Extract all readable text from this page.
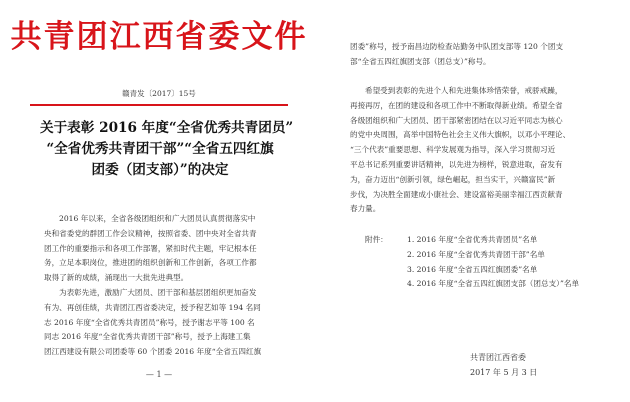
共青团江西省委文件
赣青发〔2017〕15号
关于表彰 2016 年度“全省优秀共青团员”
“全省优秀共青团干部”“全省五四红旗
团委（团支部）”的决定
2016 年以来，全省各级团组织和广大团员认真贯彻落实中
央和省委党的群团工作会议精神，按照省委、团中央对全省共青
团工作的重要指示和各项工作部署，紧扣时代主题，牢记根本任
务，立足本职岗位，推进团的组织创新和工作创新，各项工作都
取得了新的成绩，涌现出一大批先进典型。
为表彰先进，激励广大团员、团干部和基层团组织更加奋发
有为、再创佳绩，共青团江西省委决定，授予程艺如等 194 名同
志 2016 年度“全省优秀共青团员”称号，授予谢志平等 100 名
同志 2016 年度“全省优秀共青团干部”称号，授予上海建工集
团江西建设有限公司团委等 60 个团委 2016 年度“全省五四红旗
— 1 —
团委”称号，授予南昌边防检查站勤务中队团支部等 120 个团支
部“全省五四红旗团支部（团总支）”称号。
希望受到表彰的先进个人和先进集体珍惜荣誉，戒骄戒躁，
再接再厉，在团的建设和各项工作中不断取得新业绩。希望全省
各级团组织和广大团员、团干部紧密团结在以习近平同志为核心
的党中央周围，高举中国特色社会主义伟大旗帜，以邓小平理论、
“三个代表”重要思想、科学发展观为指导，深入学习贯彻习近
平总书记系列重要讲话精神，以先进为榜样，锐意进取，奋发有
为，奋力迈出“创新引领，绿色崛起，担当实干，兴赣富民”新
步伐，为决胜全面建成小康社会、建设富裕美丽幸福江西贡献青
春力量。
附件：	1. 2016 年度“全省优秀共青团员”名单
2. 2016 年度“全省优秀共青团干部”名单
3. 2016 年度“全省五四红旗团委”名单
4. 2016 年度“全省五四红旗团支部（团总支）”名单
共青团江西省委
2017 年 5 月 3 日
